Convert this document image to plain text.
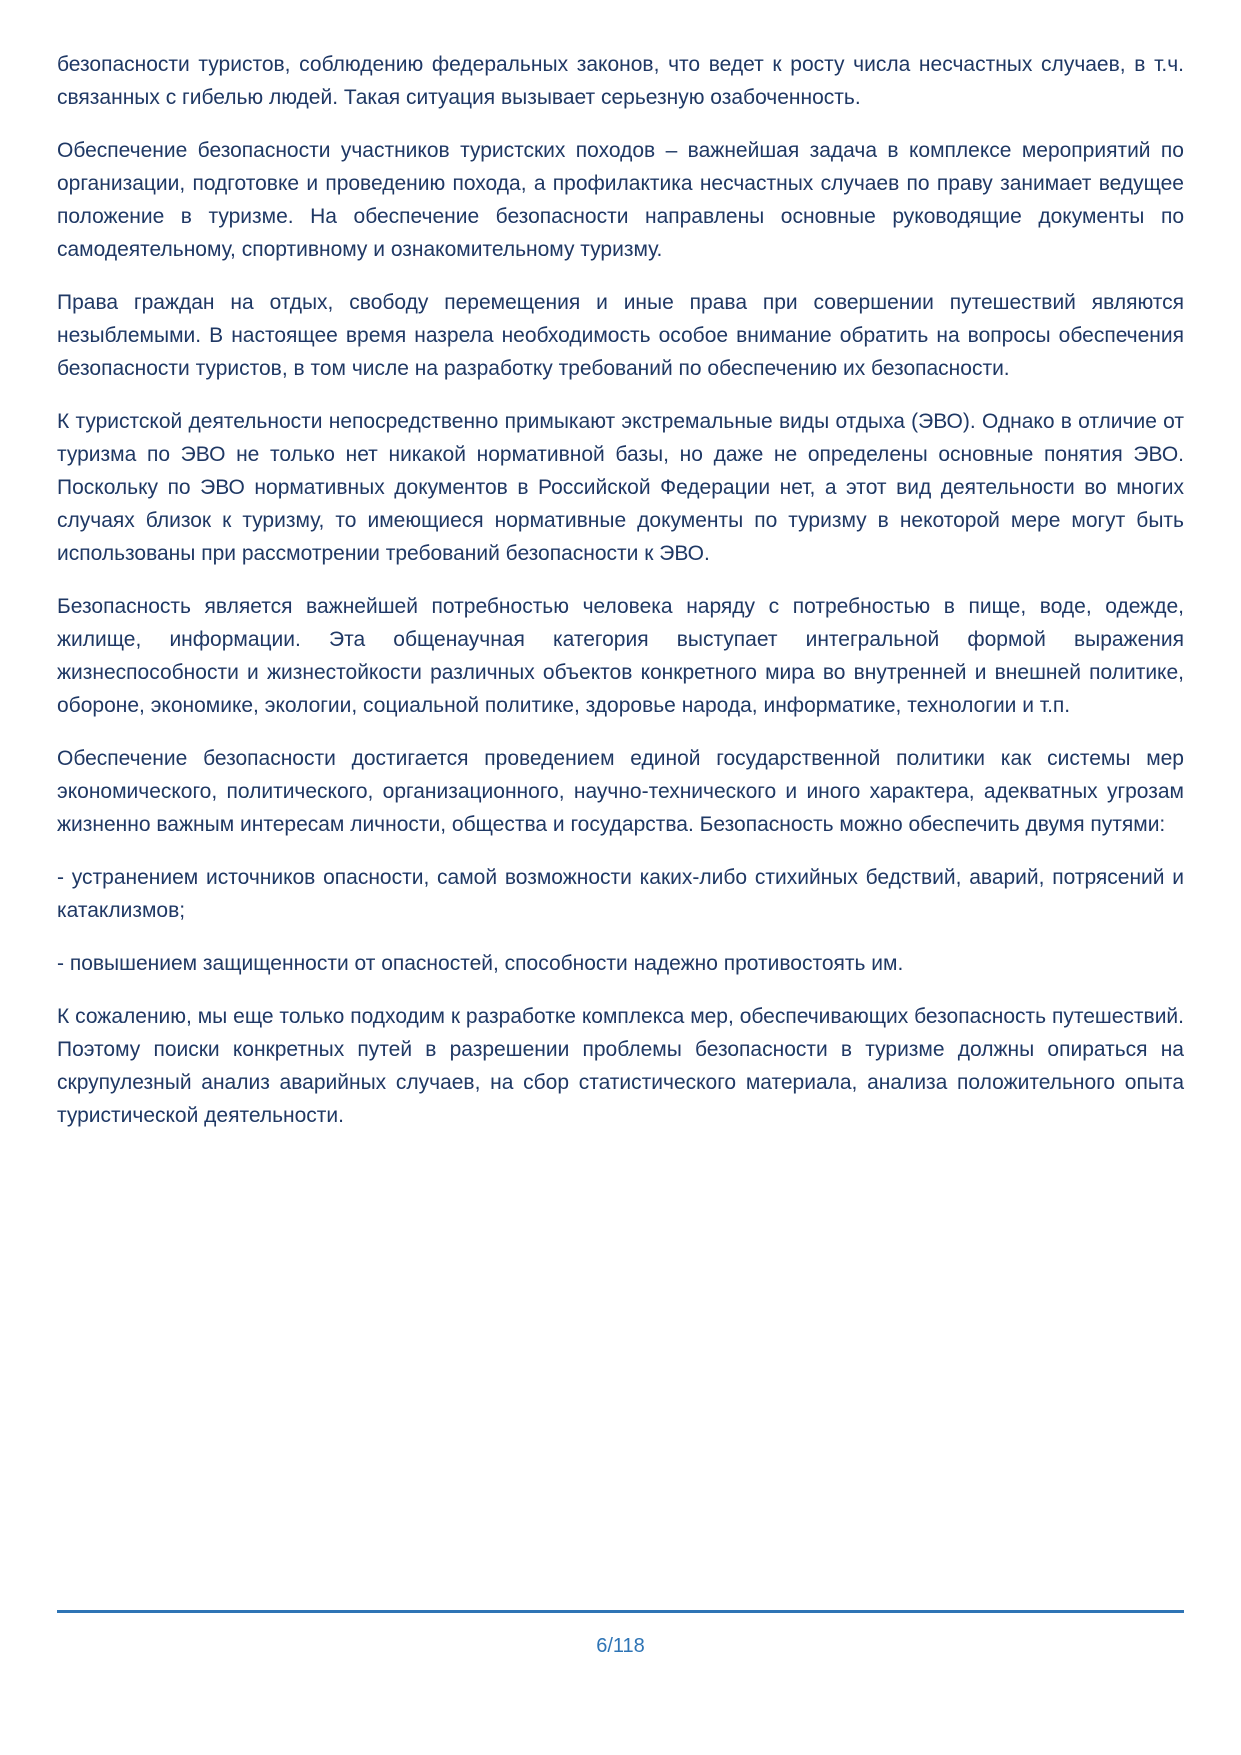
безопасности туристов, соблюдению федеральных законов, что ведет к росту числа несчастных случаев, в т.ч. связанных с гибелью людей. Такая ситуация вызывает серьезную озабоченность.

Обеспечение безопасности участников туристских походов – важнейшая задача в комплексе мероприятий по организации, подготовке и проведению похода, а профилактика несчастных случаев по праву занимает ведущее положение в туризме. На обеспечение безопасности направлены основные руководящие документы по самодеятельному, спортивному и ознакомительному туризму.

Права граждан на отдых, свободу перемещения и иные права при совершении путешествий являются незыблемыми. В настоящее время назрела необходимость особое внимание обратить на вопросы обеспечения безопасности туристов, в том числе на разработку требований по обеспечению их безопасности.

К туристской деятельности непосредственно примыкают экстремальные виды отдыха (ЭВО). Однако в отличие от туризма по ЭВО не только нет никакой нормативной базы, но даже не определены основные понятия ЭВО. Поскольку по ЭВО нормативных документов в Российской Федерации нет, а этот вид деятельности во многих случаях близок к туризму, то имеющиеся нормативные документы по туризму в некоторой мере могут быть использованы при рассмотрении требований безопасности к ЭВО.

Безопасность является важнейшей потребностью человека наряду с потребностью в пище, воде, одежде, жилище, информации. Эта общенаучная категория выступает интегральной формой выражения жизнеспособности и жизнестойкости различных объектов конкретного мира во внутренней и внешней политике, обороне, экономике, экологии, социальной политике, здоровье народа, информатике, технологии и т.п.

Обеспечение безопасности достигается проведением единой государственной политики как системы мер экономического, политического, организационного, научно-технического и иного характера, адекватных угрозам жизненно важным интересам личности, общества и государства. Безопасность можно обеспечить двумя путями:

- устранением источников опасности, самой возможности каких-либо стихийных бедствий, аварий, потрясений и катаклизмов;

- повышением защищенности от опасностей, способности надежно противостоять им.

К сожалению, мы еще только подходим к разработке комплекса мер, обеспечивающих безопасность путешествий. Поэтому поиски конкретных путей в разрешении проблемы безопасности в туризме должны опираться на скрупулезный анализ аварийных случаев, на сбор статистического материала, анализа положительного опыта туристической деятельности.

6/118
